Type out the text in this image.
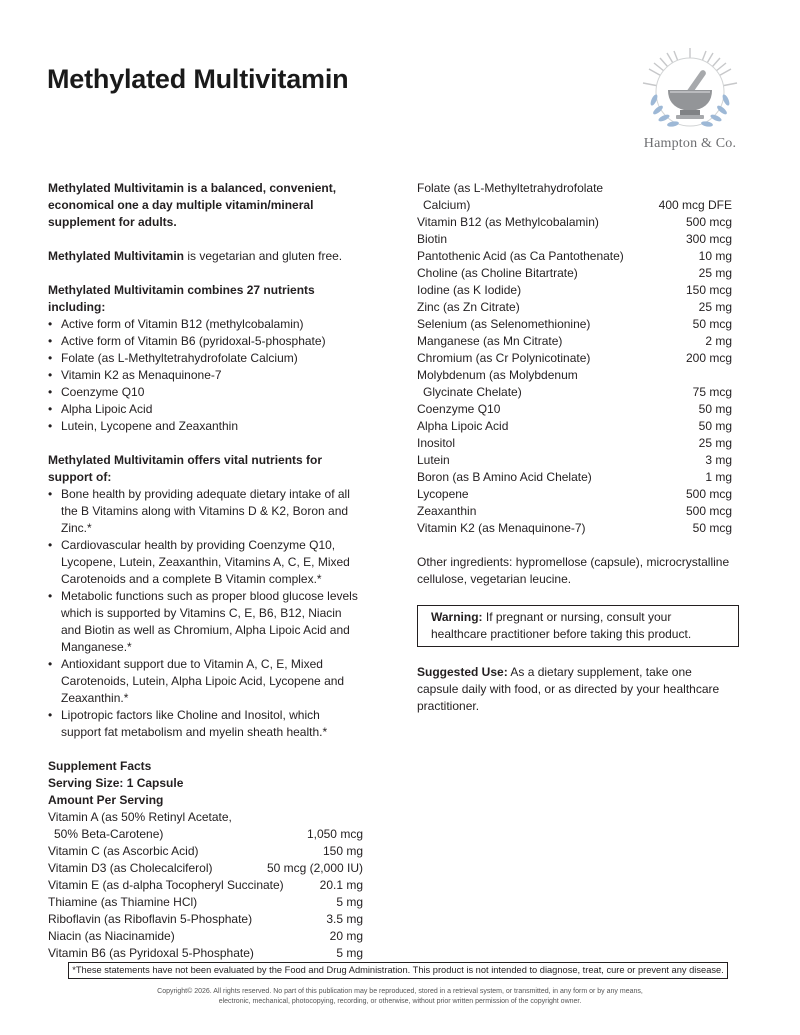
Methylated Multivitamin
Hampton & Co.

Methylated Multivitamin is a balanced, convenient, economical one a day multiple vitamin/mineral supplement for adults.

Methylated Multivitamin is vegetarian and gluten free.

Methylated Multivitamin combines 27 nutrients including:

• Active form of Vitamin B12 (methylcobalamin)
• Active form of Vitamin B6 (pyridoxal-5-phosphate)
• Folate (as L-Methyltetrahydrofolate Calcium)
• Vitamin K2 as Menaquinone-7
• Coenzyme Q10
• Alpha Lipoic Acid
• Lutein, Lycopene and Zeaxanthin

Methylated Multivitamin offers vital nutrients for support of:

• Bone health by providing adequate dietary intake of all the B Vitamins along with Vitamins D & K2, Boron and Zinc.*
• Cardiovascular health by providing Coenzyme Q10, Lycopene, Lutein, Zeaxanthin, Vitamins A, C, E, Mixed Carotenoids and a complete B Vitamin complex.*
• Metabolic functions such as proper blood glucose levels which is supported by Vitamins C, E, B6, B12, Niacin and Biotin as well as Chromium, Alpha Lipoic Acid and Manganese.*
• Antioxidant support due to Vitamin A, C, E, Mixed Carotenoids, Lutein, Alpha Lipoic Acid, Lycopene and Zeaxanthin.*
• Lipotropic factors like Choline and Inositol, which support fat metabolism and myelin sheath health.*

Supplement Facts

Serving Size: 1 Capsule

Amount Per Serving

Vitamin A (as 50% Retinyl Acetate,
50% Beta-Carotene)	1,050 mcg
Vitamin C (as Ascorbic Acid)	150 mg
Vitamin D3 (as Cholecalciferol)	50 mcg (2,000 IU)
Vitamin E (as d-alpha Tocopheryl Succinate)	20.1 mg
Thiamine (as Thiamine HCl)	5 mg
Riboflavin (as Riboflavin 5-Phosphate)	3.5 mg
Niacin (as Niacinamide)	20 mg
Vitamin B6 (as Pyridoxal 5-Phosphate)	5 mg
Folate (as L-Methyltetrahydrofolate
Calcium)	400 mcg DFE
Vitamin B12 (as Methylcobalamin)	500 mcg
Biotin	300 mcg
Pantothenic Acid (as Ca Pantothenate)	10 mg
Choline (as Choline Bitartrate)	25 mg
Iodine (as K Iodide)	150 mcg
Zinc (as Zn Citrate)	25 mg
Selenium (as Selenomethionine)	50 mcg
Manganese (as Mn Citrate)	2 mg
Chromium (as Cr Polynicotinate)	200 mcg
Molybdenum (as Molybdenum
Glycinate Chelate)	75 mcg
Coenzyme Q10	50 mg
Alpha Lipoic Acid	50 mg
Inositol	25 mg
Lutein	3 mg
Boron (as B Amino Acid Chelate)	1 mg
Lycopene	500 mcg
Zeaxanthin	500 mcg
Vitamin K2 (as Menaquinone-7)	50 mcg

Other ingredients: hypromellose (capsule), microcrystalline cellulose, vegetarian leucine.

Warning: If pregnant or nursing, consult your healthcare practitioner before taking this product.

Suggested Use: As a dietary supplement, take one capsule daily with food, or as directed by your healthcare practitioner.

*These statements have not been evaluated by the Food and Drug Administration. This product is not intended to diagnose, treat, cure or prevent any disease.
Copyright© 2026. All rights reserved. No part of this publication may be reproduced, stored in a retrieval system, or transmitted, in any form or by any means,
electronic, mechanical, photocopying, recording, or otherwise, without prior written permission of the copyright owner.
